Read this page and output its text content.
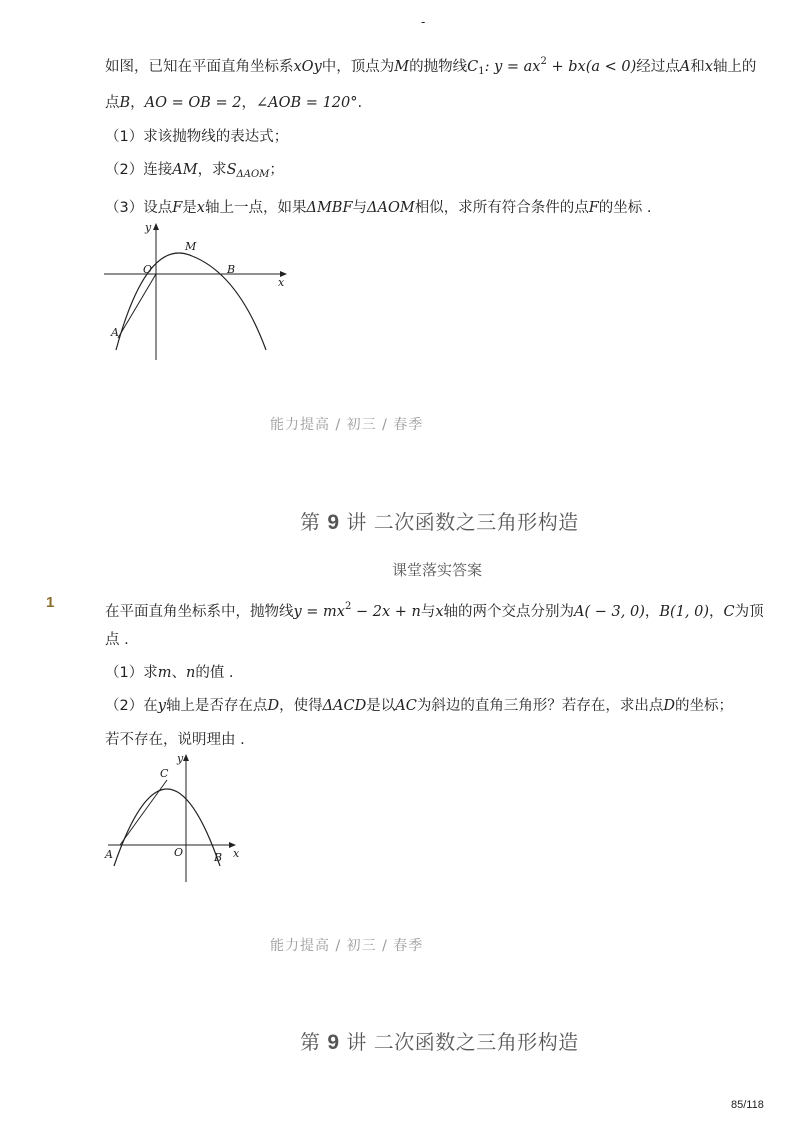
-
如图，已知在平面直角坐标系xOy中，顶点为M的抛物线$C_1$: $y = ax^2 + bx(a < 0)$经过点A和x轴上的
点B，AO = OB = 2，∠AOB = 120°.
（1）求该抛物线的表达式；
（2）连接AM，求$S_{\Delta AOM}$；
（3）设点F是x轴上一点，如果ΔMBF与ΔAOM相似，求所有符合条件的点F的坐标 .
y
M
O	B
x
A
能力提高 / 初三 / 春季
第 9 讲 二次函数之三角形构造
课堂落实答案
1
在平面直角坐标系中，抛物线$y = mx^2 - 2x + n$与x轴的两个交点分别为A( − 3, 0)，B(1, 0)，C为顶
点 .
（1）求m、n的值 .
（2）在y轴上是否存在点D，使得ΔACD是以AC为斜边的直角三角形？若存在，求出点D的坐标；
若不存在，说明理由 .
y
C
A	O	B x
能力提高 / 初三 / 春季
第 9 讲 二次函数之三角形构造
85/118
